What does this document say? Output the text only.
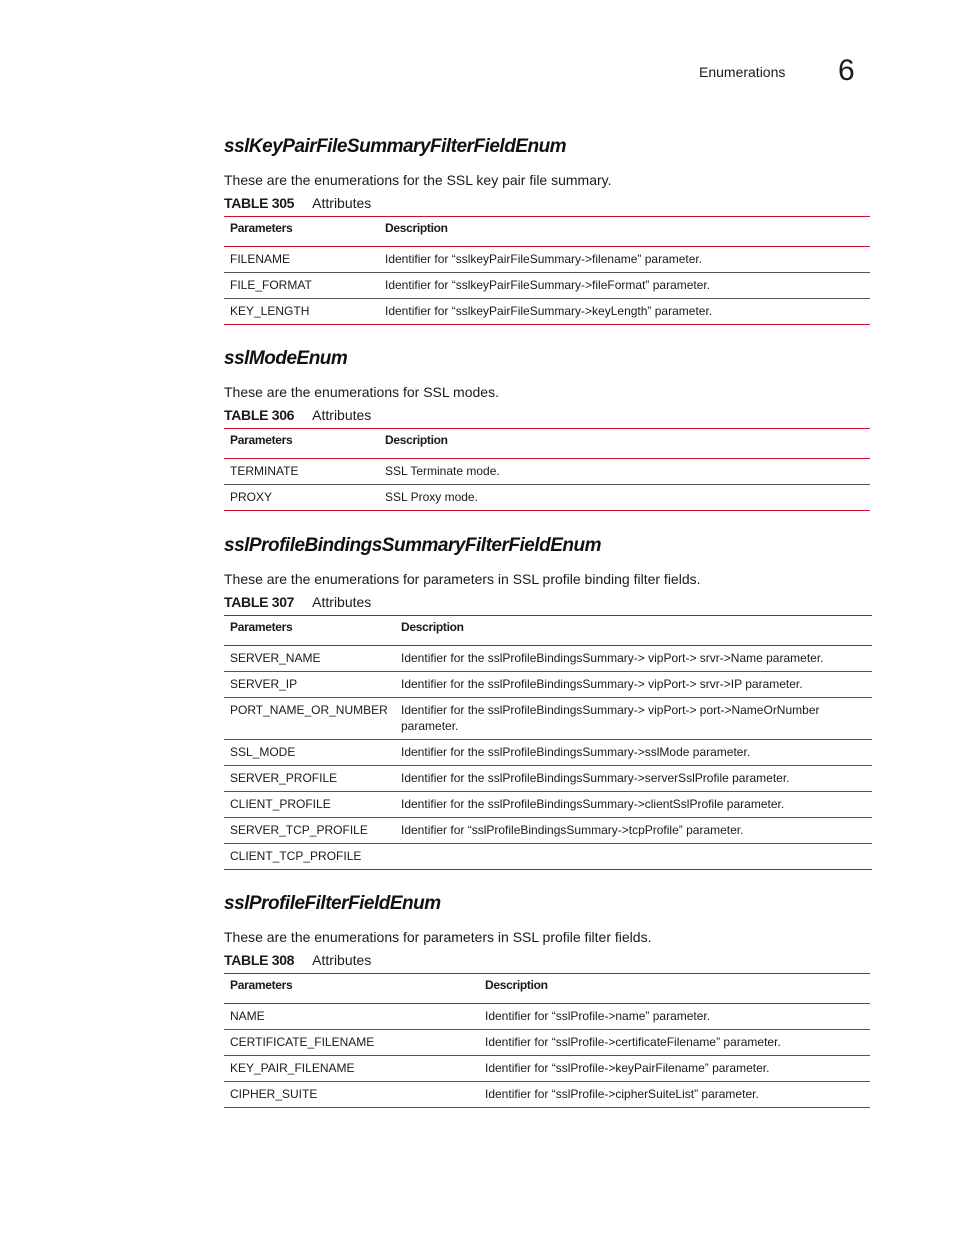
Enumerations 6
sslKeyPairFileSummaryFilterFieldEnum

These are the enumerations for the SSL key pair file summary.

TABLE 305 Attributes
Parameters	Description
FILENAME	Identifier for “sslkeyPairFileSummary->filename” parameter.
FILE_FORMAT	Identifier for “sslkeyPairFileSummary->fileFormat” parameter.
KEY_LENGTH	Identifier for “sslkeyPairFileSummary->keyLength” parameter.
sslModeEnum

These are the enumerations for SSL modes.

TABLE 306 Attributes
Parameters	Description
TERMINATE	SSL Terminate mode.
PROXY	SSL Proxy mode.
sslProfileBindingsSummaryFilterFieldEnum

These are the enumerations for parameters in SSL profile binding filter fields.

TABLE 307 Attributes
Parameters	Description
SERVER_NAME	Identifier for the sslProfileBindingsSummary-> vipPort-> srvr->Name parameter.
SERVER_IP	Identifier for the sslProfileBindingsSummary-> vipPort-> srvr->IP parameter.
PORT_NAME_OR_NUMBER	Identifier for the sslProfileBindingsSummary-> vipPort-> port->NameOrNumber parameter.
SSL_MODE	Identifier for the sslProfileBindingsSummary->sslMode parameter.
SERVER_PROFILE	Identifier for the sslProfileBindingsSummary->serverSslProfile parameter.
CLIENT_PROFILE	Identifier for the sslProfileBindingsSummary->clientSslProfile parameter.
SERVER_TCP_PROFILE	Identifier for “sslProfileBindingsSummary->tcpProfile” parameter.
CLIENT_TCP_PROFILE	
sslProfileFilterFieldEnum

These are the enumerations for parameters in SSL profile filter fields.

TABLE 308 Attributes
Parameters	Description
NAME	Identifier for “sslProfile->name” parameter.
CERTIFICATE_FILENAME	Identifier for “sslProfile->certificateFilename” parameter.
KEY_PAIR_FILENAME	Identifier for “sslProfile->keyPairFilename” parameter.
CIPHER_SUITE	Identifier for “sslProfile->cipherSuiteList” parameter.
